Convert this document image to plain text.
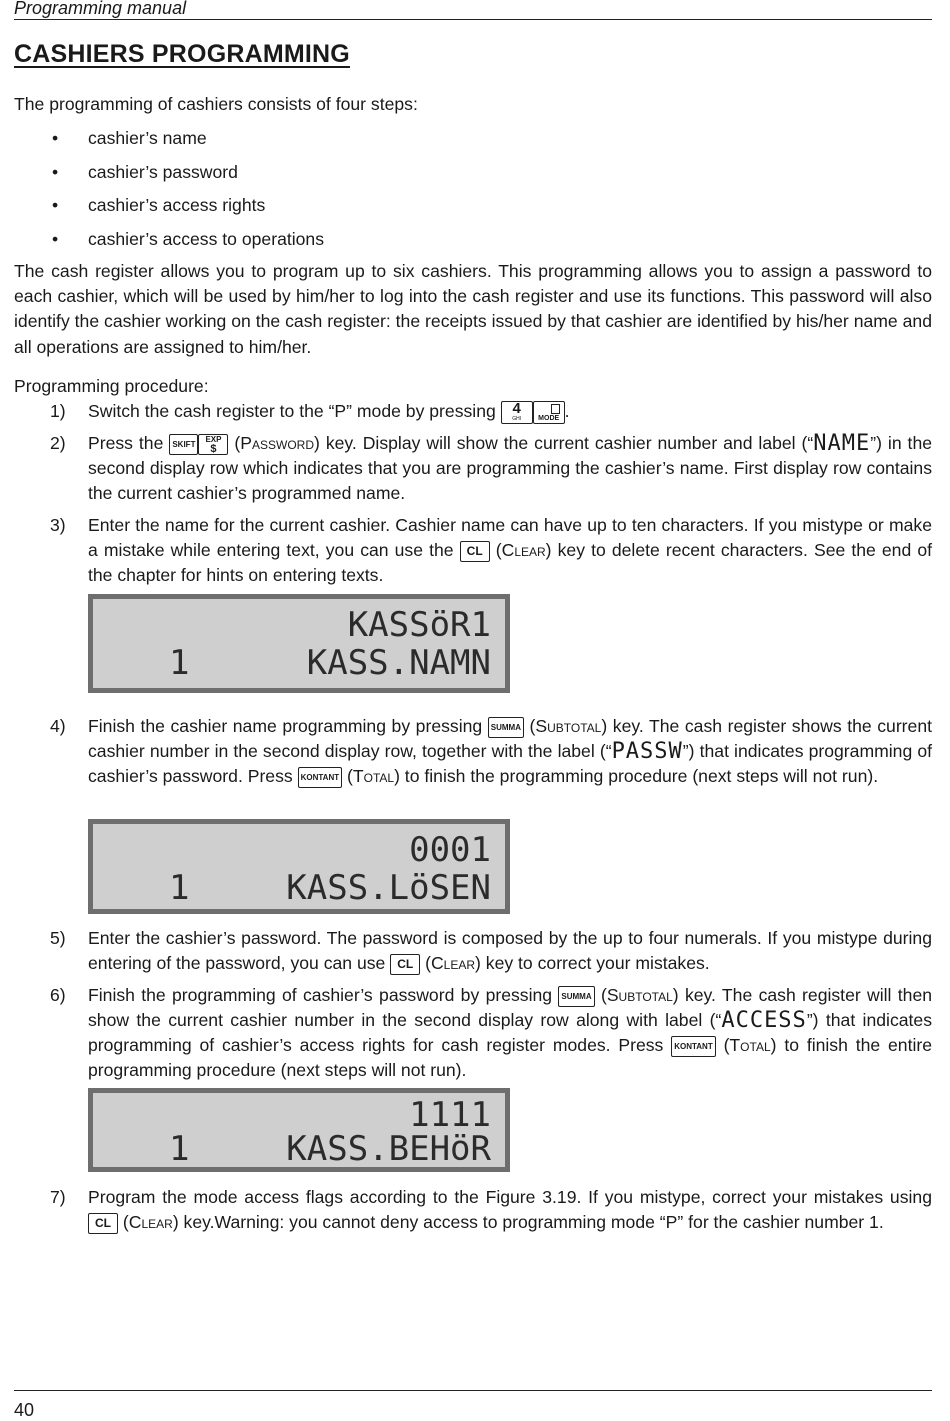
Programming manual
CASHIERS PROGRAMMING
The programming of cashiers consists of four steps:
• cashier’s name
• cashier’s password
• cashier’s access rights
• cashier’s access to operations
The cash register allows you to program up to six cashiers. This programming allows you to assign a password to each cashier, which will be used by him/her to log into the cash register and use its functions. This password will also identify the cashier working on the cash register: the receipts issued by that cashier are identified by his/her name and all operations are assigned to him/her.
Programming procedure:
1) Switch the cash register to the “P” mode by pressing 4
GHI	MODE .
2) Press the SKIFTEXP
$	(Password) key. Display will show the current cashier number and label (“NAME”) in the second display row which indicates that you are programming the cashier’s name. First display row contains the current cashier’s programmed name.
3) Enter the name for the current cashier. Cashier name can have up to ten characters. If you mistype or make a mistake while entering text, you can use the CL (Clear) key to delete recent characters. See the end of the chapter for hints on entering texts.
KASSöR1
1	KASS.NAMN
4) Finish the cashier name programming by pressing SUMMA (Subtotal) key. The cash register shows the current cashier number in the second display row, together with the label (“PASSW”) that indicates programming of cashier’s password. Press KONTANT (Total) to finish the programming procedure (next steps will not run).
0001
1	KASS.LöSEN
5) Enter the cashier’s password. The password is composed by the up to four numerals. If you mistype during entering of the password, you can use CL (Clear) key to correct your mistakes.
6) Finish the programming of cashier’s password by pressing SUMMA (Subtotal) key. The cash register will then show the current cashier number in the second display row along with label (“ACCESS”) that indicates programming of cashier’s access rights for cash register modes. Press KONTANT (Total) to finish the entire programming procedure (next steps will not run).
1111
1	KASS.BEHöR
7) Program the mode access flags according to the Figure 3.19. If you mistype, correct your mistakes using CL (Clear) key.Warning: you cannot deny access to programming mode “P” for the cashier number 1.
40
